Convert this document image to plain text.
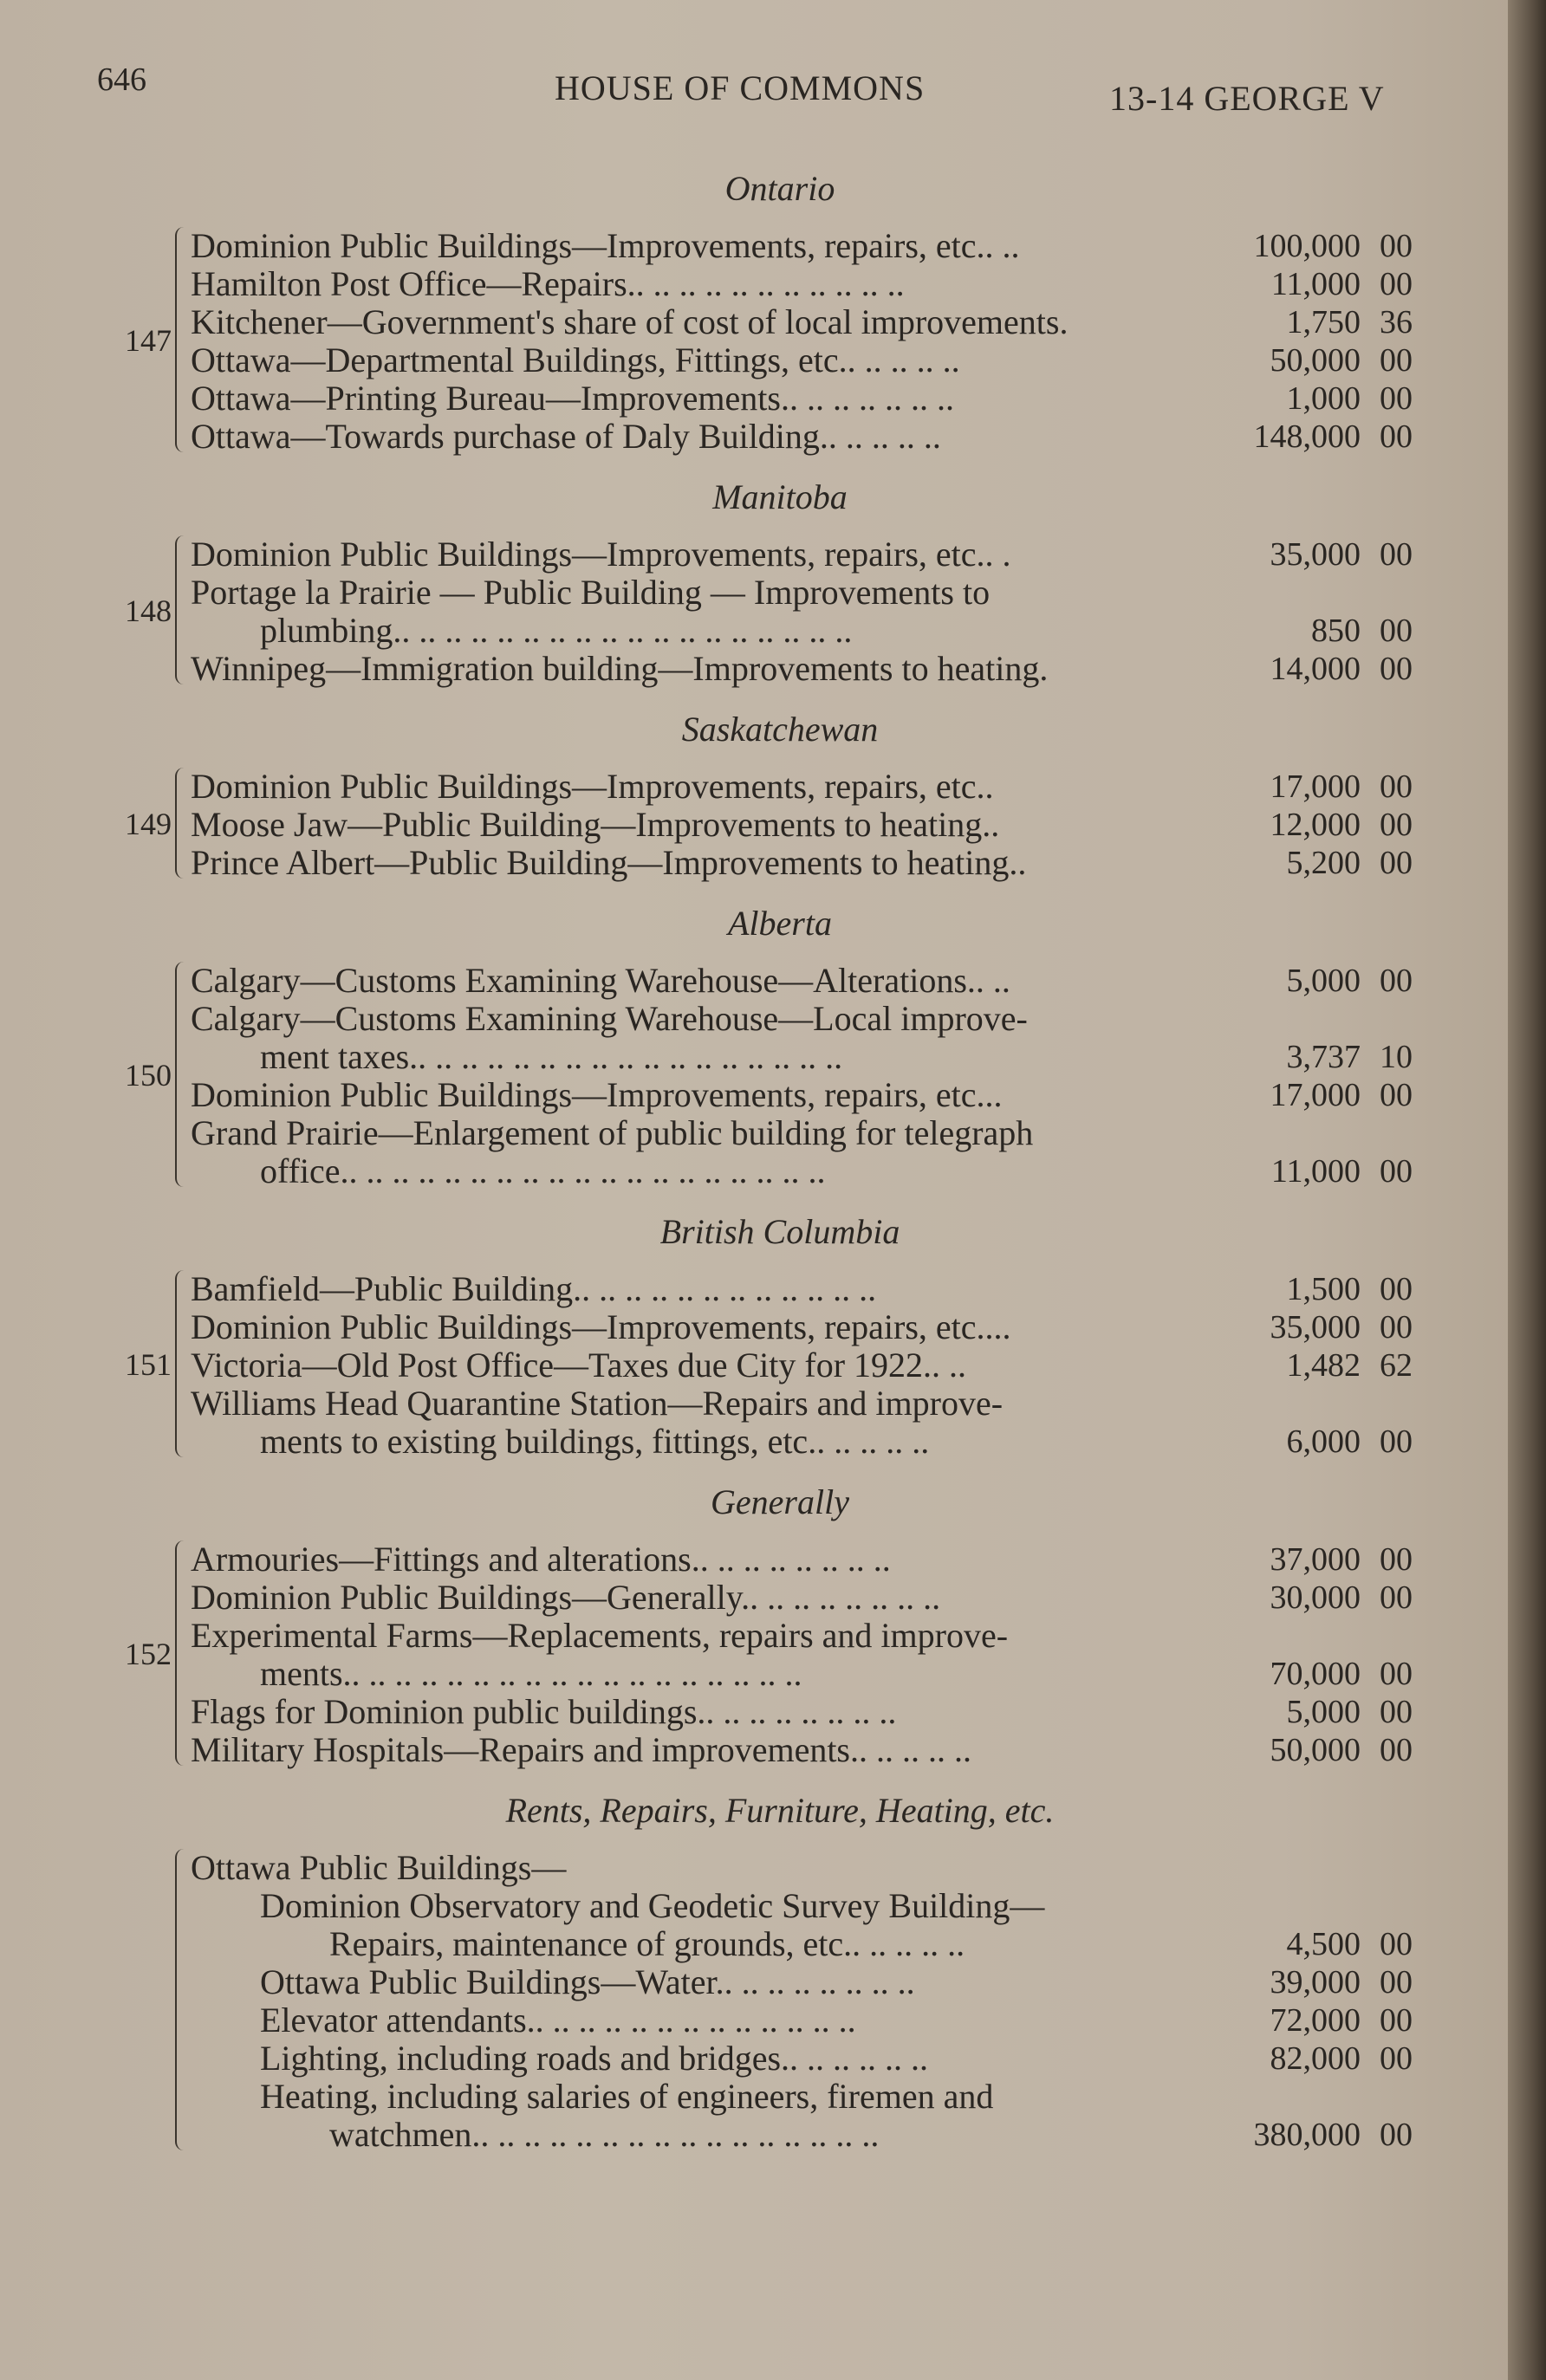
646	HOUSE OF COMMONS	13-14 GEORGE V
Ontario
Dominion Public Buildings—Improvements, repairs, etc.. ..	100,000 00
Hamilton Post Office—Repairs.. .. .. .. .. .. .. .. .. .. ..	11,000 00
Kitchener—Government's share of cost of local improvements.	1,750 36
Ottawa—Departmental Buildings, Fittings, etc.. .. .. .. ..	50,000 00
Ottawa—Printing Bureau—Improvements.. .. .. .. .. .. ..	1,000 00
Ottawa—Towards purchase of Daly Building.. .. .. .. ..	148,000 00
147
Manitoba
Dominion Public Buildings—Improvements, repairs, etc.. .	35,000 00
Portage la Prairie — Public Building — Improvements to
plumbing.. .. .. .. .. .. .. .. .. .. .. .. .. .. .. .. .. ..	850 00
Winnipeg—Immigration building—Improvements to heating.	14,000 00
148
Saskatchewan
Dominion Public Buildings—Improvements, repairs, etc..	17,000 00
Moose Jaw—Public Building—Improvements to heating..	12,000 00
Prince Albert—Public Building—Improvements to heating..	5,200 00
149
Alberta
Calgary—Customs Examining Warehouse—Alterations.. ..	5,000 00
Calgary—Customs Examining Warehouse—Local improve-
ment taxes.. .. .. .. .. .. .. .. .. .. .. .. .. .. .. .. ..	3,737 10
Dominion Public Buildings—Improvements, repairs, etc...	17,000 00
Grand Prairie—Enlargement of public building for telegraph
office.. .. .. .. .. .. .. .. .. .. .. .. .. .. .. .. .. .. ..	11,000 00
150
British Columbia
Bamfield—Public Building.. .. .. .. .. .. .. .. .. .. .. ..	1,500 00
Dominion Public Buildings—Improvements, repairs, etc....	35,000 00
Victoria—Old Post Office—Taxes due City for 1922.. ..	1,482 62
Williams Head Quarantine Station—Repairs and improve-
ments to existing buildings, fittings, etc.. .. .. .. ..	6,000 00
151
Generally
Armouries—Fittings and alterations.. .. .. .. .. .. .. ..	37,000 00
Dominion Public Buildings—Generally.. .. .. .. .. .. .. ..	30,000 00
Experimental Farms—Replacements, repairs and improve-
ments.. .. .. .. .. .. .. .. .. .. .. .. .. .. .. .. .. ..	70,000 00
Flags for Dominion public buildings.. .. .. .. .. .. .. ..	5,000 00
Military Hospitals—Repairs and improvements.. .. .. .. ..	50,000 00
152
Rents, Repairs, Furniture, Heating, etc.
Ottawa Public Buildings—
Dominion Observatory and Geodetic Survey Building—
Repairs, maintenance of grounds, etc.. .. .. .. ..	4,500 00
Ottawa Public Buildings—Water.. .. .. .. .. .. .. ..	39,000 00
Elevator attendants.. .. .. .. .. .. .. .. .. .. .. .. ..	72,000 00
Lighting, including roads and bridges.. .. .. .. .. ..	82,000 00
Heating, including salaries of engineers, firemen and
watchmen.. .. .. .. .. .. .. .. .. .. .. .. .. .. .. ..	380,000 00
